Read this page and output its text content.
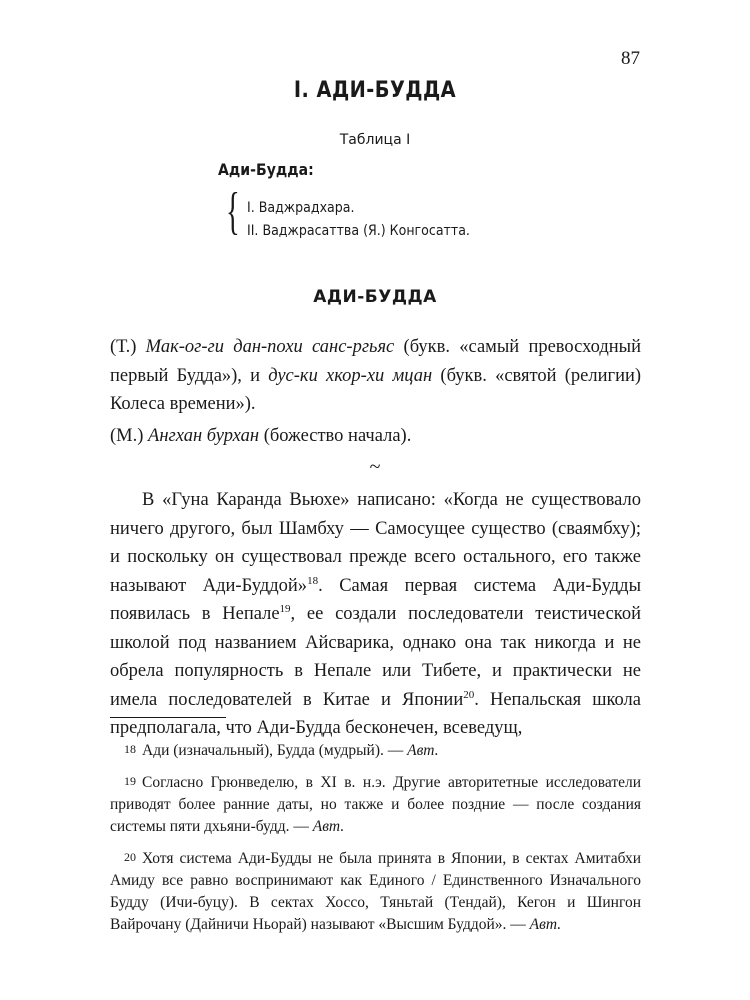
87
I. АДИ-БУДДА
Таблица I
Ади-Будда:
{ I. Ваджрадхара.
II. Ваджрасаттва (Я.) Конгосатта.
АДИ-БУДДА
(Т.) Мак-ог-ги дан-похи санс-ргьяс (букв. «самый превосходный первый Будда»), и дус-ки хкор-хи мцан (букв. «святой (религии) Колеса времени»).
(М.) Ангхан бурхан (божество начала).
~
В «Гуна Каранда Вьюхе» написано: «Когда не существовало ничего другого, был Шамбху — Самосущее существо (сваямбху); и поскольку он существовал прежде всего остального, его также называют Ади-Буддой»$^{18}$. Самая первая система Ади-Будды появилась в Непале$^{19}$, ее создали последователи теистической школой под названием Айсварика, однако она так никогда и не обрела популярность в Непале или Тибете, и практически не имела последователей в Китае и Японии$^{20}$. Непальская школа предполагала, что Ади-Будда бесконечен, всеведущ,

18 Ади (изначальный), Будда (мудрый). — Авт.

19 Согласно Грюнведелю, в XI в. н.э. Другие авторитетные исследователи приводят более ранние даты, но также и более поздние — после создания системы пяти дхьяни-будд. — Авт.

20 Хотя система Ади-Будды не была принята в Японии, в сектах Амитабхи Амиду все равно воспринимают как Единого / Единственного Изначального Будду (Ичи-буцу). В сектах Хоссо, Тяньтай (Тендай), Кегон и Шингон Вайрочану (Дайничи Ньорай) называют «Высшим Буддой». — Авт.
